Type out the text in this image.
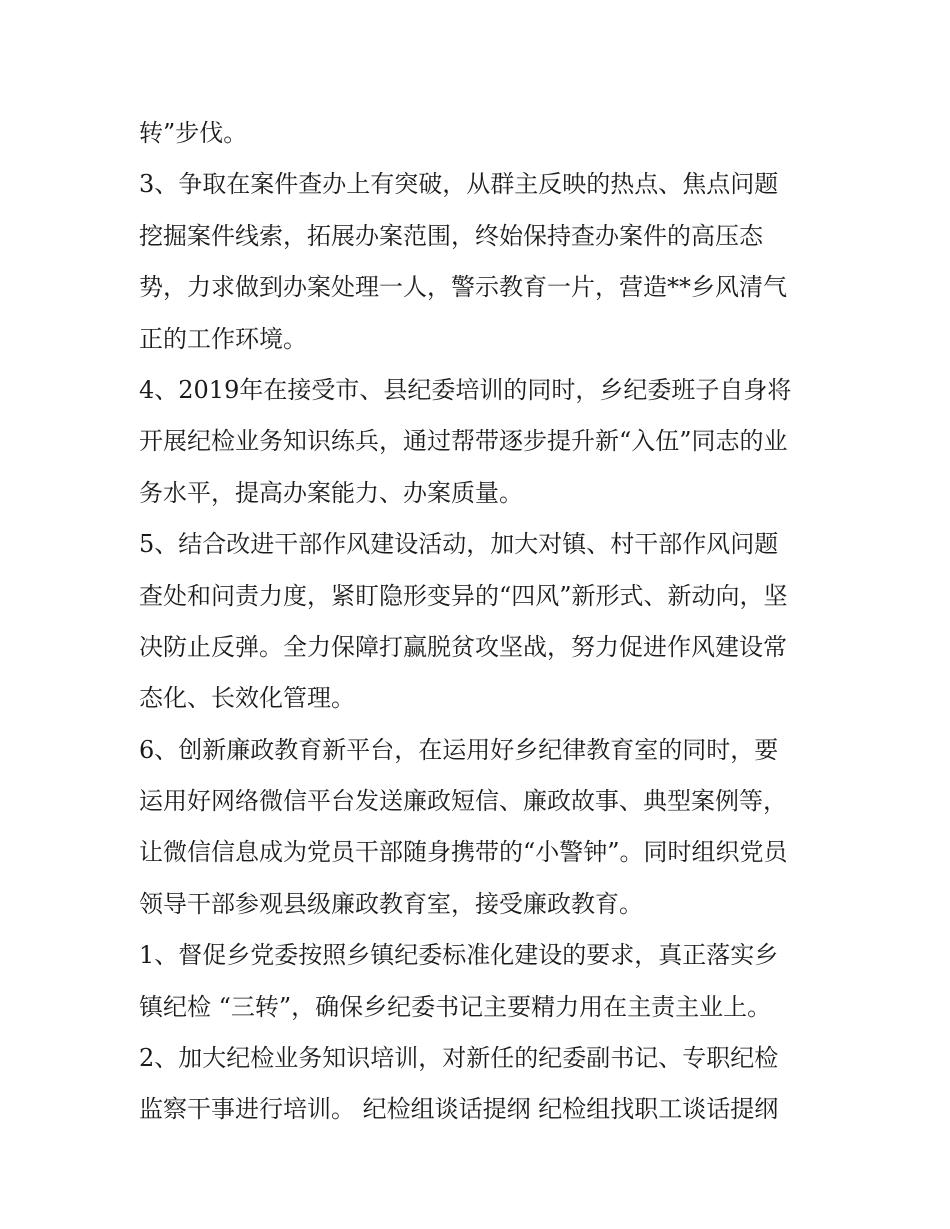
转”步伐。
3、争取在案件查办上有突破，从群主反映的热点、焦点问题
挖掘案件线索，拓展办案范围，终始保持查办案件的高压态
势，力求做到办案处理一人，警示教育一片，营造**乡风清气
正的工作环境。
4、2019年在接受市、县纪委培训的同时，乡纪委班子自身将
开展纪检业务知识练兵，通过帮带逐步提升新“入伍”同志的业
务水平，提高办案能力、办案质量。
5、结合改进干部作风建设活动，加大对镇、村干部作风问题
查处和问责力度，紧盯隐形变异的“四风”新形式、新动向，坚
决防止反弹。全力保障打赢脱贫攻坚战，努力促进作风建设常
态化、长效化管理。
6、创新廉政教育新平台，在运用好乡纪律教育室的同时，要
运用好网络微信平台发送廉政短信、廉政故事、典型案例等，
让微信信息成为党员干部随身携带的“小警钟”。同时组织党员
领导干部参观县级廉政教育室，接受廉政教育。
1、督促乡党委按照乡镇纪委标准化建设的要求，真正落实乡
镇纪检 “三转”，确保乡纪委书记主要精力用在主责主业上。
2、加大纪检业务知识培训，对新任的纪委副书记、专职纪检
监察干事进行培训。 纪检组谈话提纲 纪检组找职工谈话提纲
